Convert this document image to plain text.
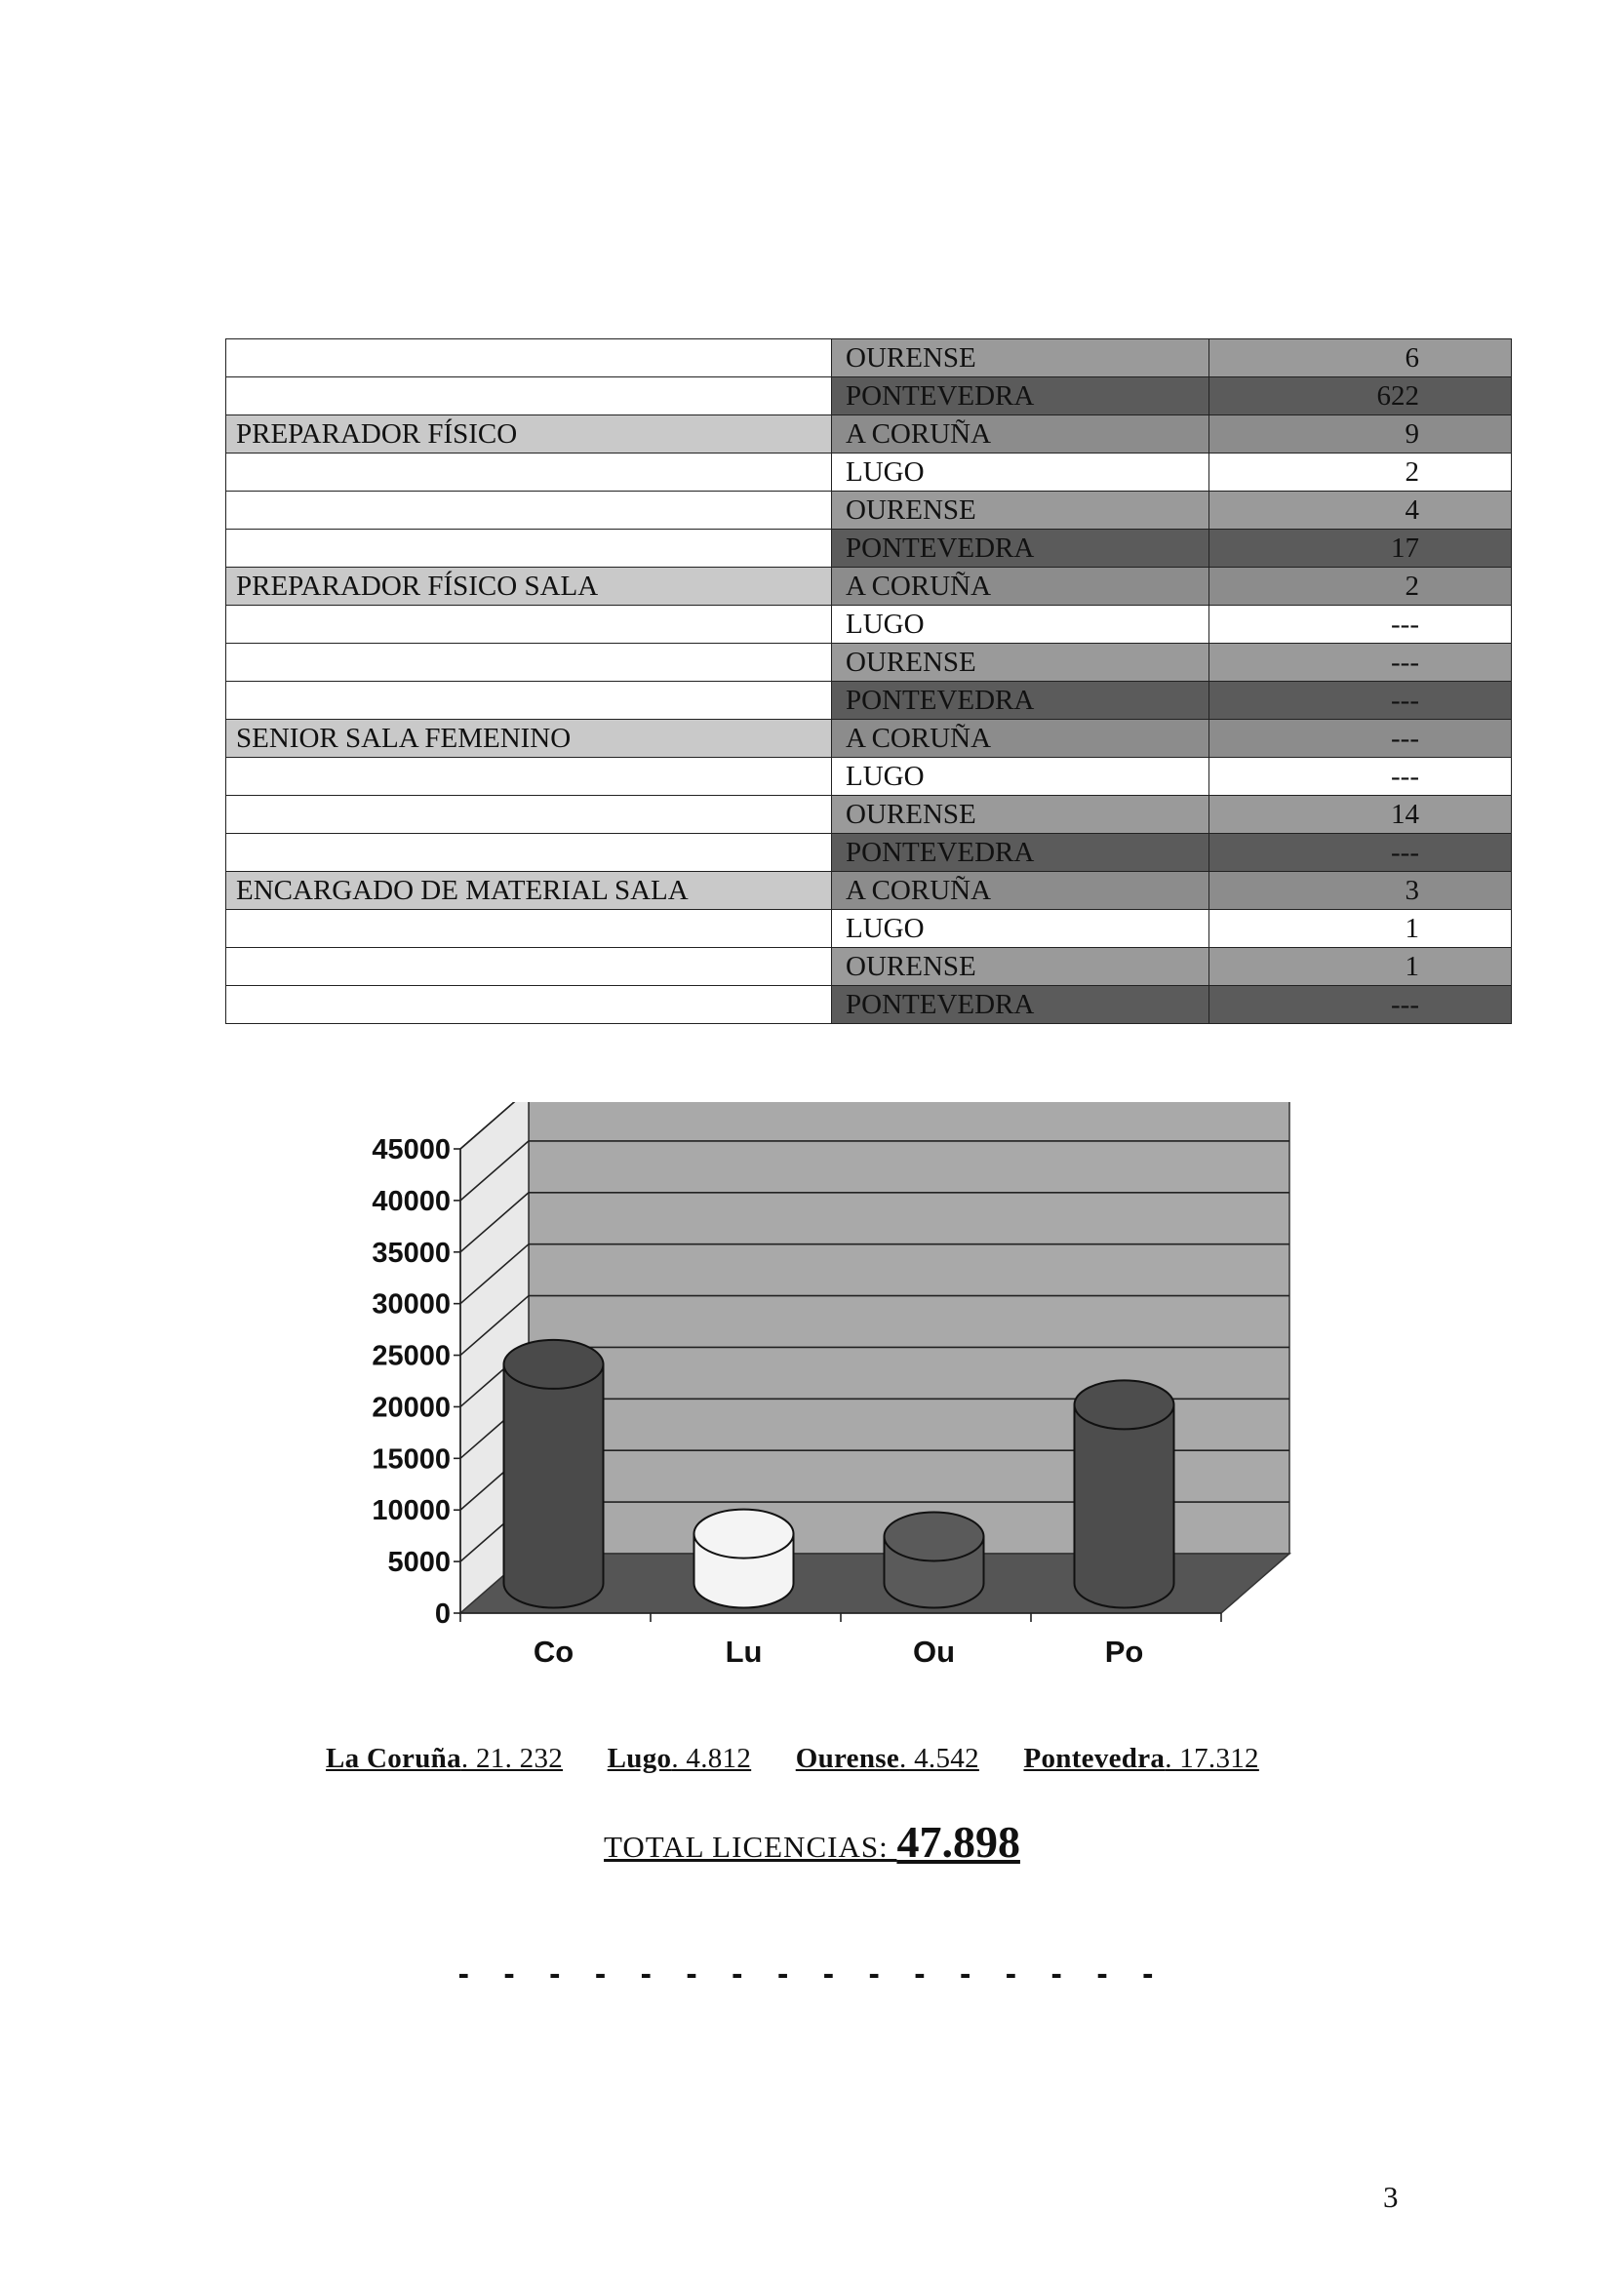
	OURENSE	6
	PONTEVEDRA	622
PREPARADOR FÍSICO	A CORUÑA	9
	LUGO	2
	OURENSE	4
	PONTEVEDRA	17
PREPARADOR FÍSICO SALA	A CORUÑA	2
	LUGO	---
	OURENSE	---
	PONTEVEDRA	---
SENIOR SALA FEMENINO	A CORUÑA	---
	LUGO	---
	OURENSE	14
	PONTEVEDRA	---
ENCARGADO DE MATERIAL SALA	A CORUÑA	3
	LUGO	1
	OURENSE	1
	PONTEVEDRA	---
0
5000
10000
15000
20000
25000
30000
35000
40000
45000
Co	Lu	Ou	Po
La Coruña. 21. 232 Lugo. 4.812 Ourense. 4.542 Pontevedra. 17.312
TOTAL LICENCIAS: 47.898
- - - - - - - - - - - - - - - -
3
